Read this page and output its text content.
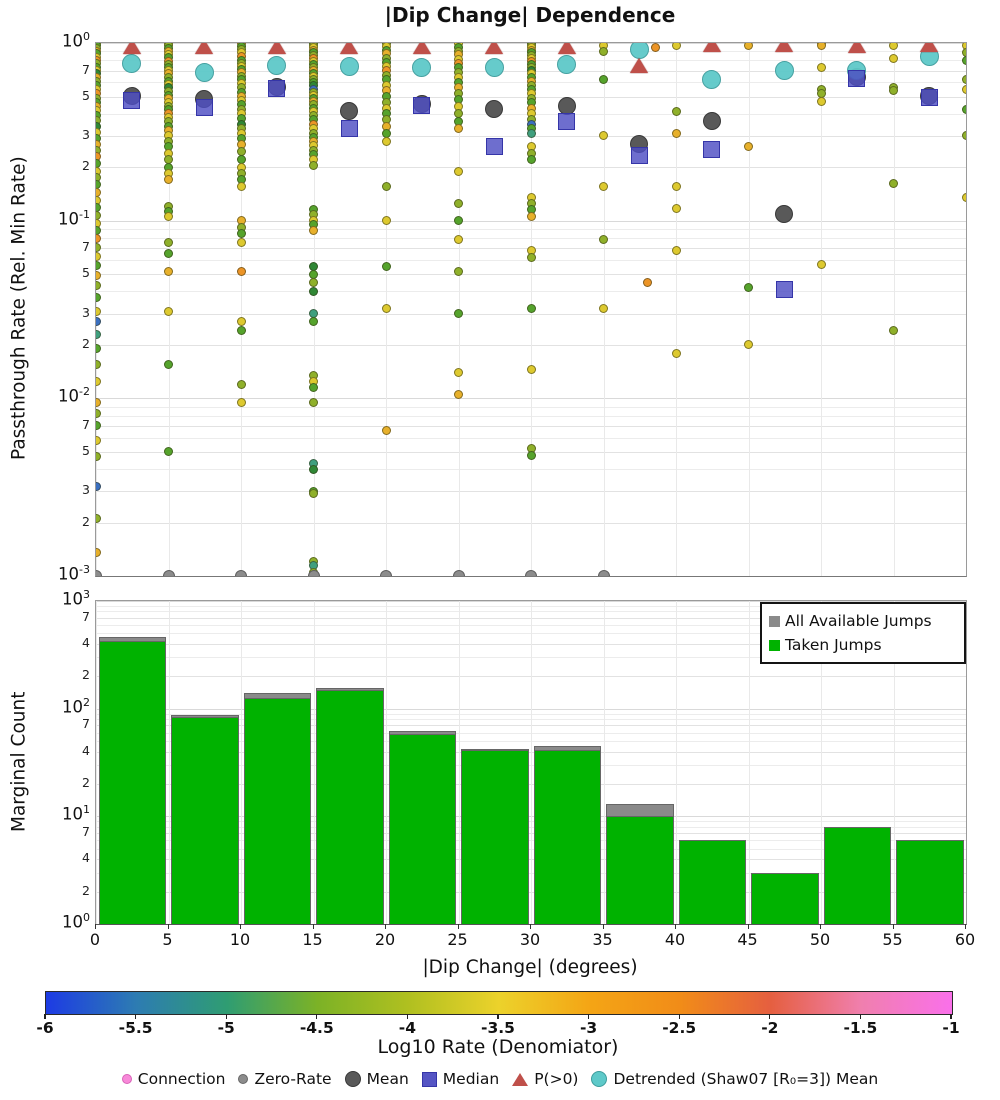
|Dip Change| Dependence
Passthrough Rate (Rel. Min Rate)
Marginal Count
All Available Jumps
Taken Jumps
|Dip Change| (degrees)
Log10 Rate (Denomiator)
Connection Zero-Rate Mean Median P(>0) Detrended (Shaw07 [R₀=3]) Mean
$10^0$
$10^{-1}$
$10^{-2}$
$10^{-3}$
7
5
3
2
7
5
3
2
7
5
3
2
$10^3$
$10^2$
$10^1$
$10^0$
7
4
2
7
4
2
7
4
2
0	5	10	15	20	25	30	35	40	45	50	55	60
-6	-5.5	-5	-4.5	-4	-3.5	-3	-2.5	-2	-1.5	-1
